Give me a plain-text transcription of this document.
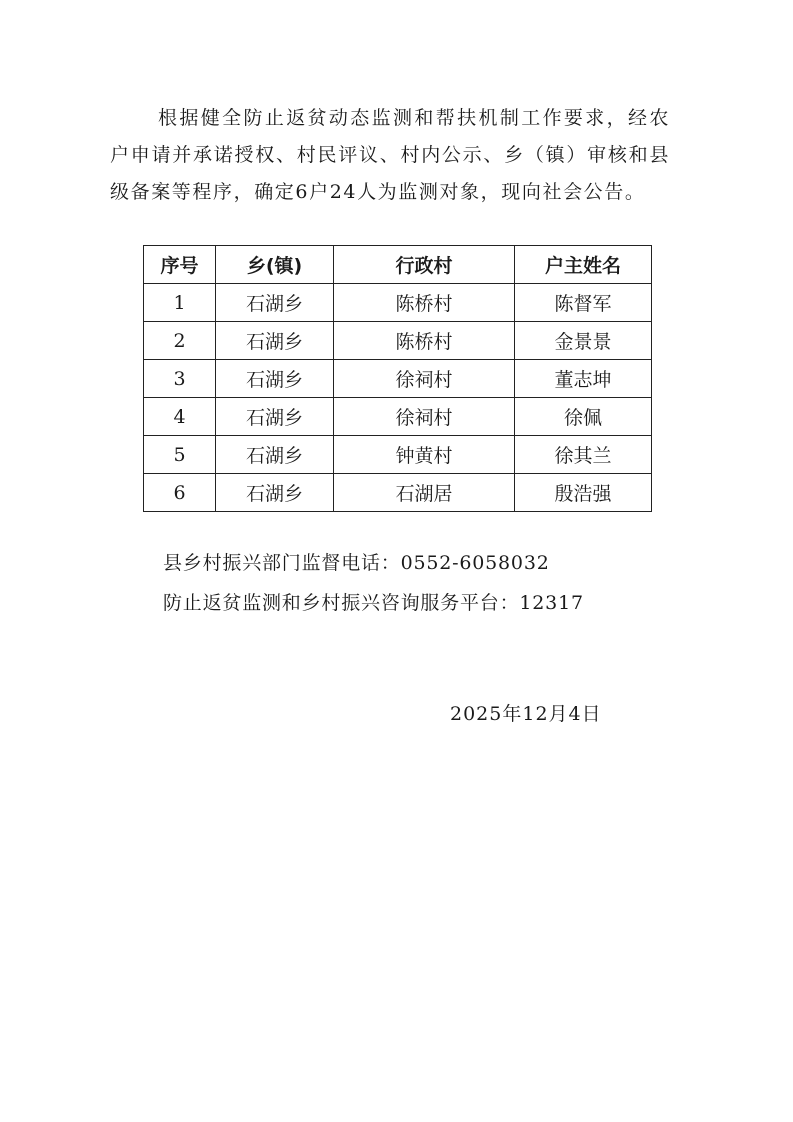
根据健全防止返贫动态监测和帮扶机制工作要求，经农户申请并承诺授权、村民评议、村内公示、乡（镇）审核和县级备案等程序，确定6户24人为监测对象，现向社会公告。

序号	乡(镇)	行政村	户主姓名
1	石湖乡	陈桥村	陈督军
2	石湖乡	陈桥村	金景景
3	石湖乡	徐祠村	董志坤
4	石湖乡	徐祠村	徐佩
5	石湖乡	钟黄村	徐其兰
6	石湖乡	石湖居	殷浩强

县乡村振兴部门监督电话：0552-6058032

防止返贫监测和乡村振兴咨询服务平台：12317

2025年12月4日
